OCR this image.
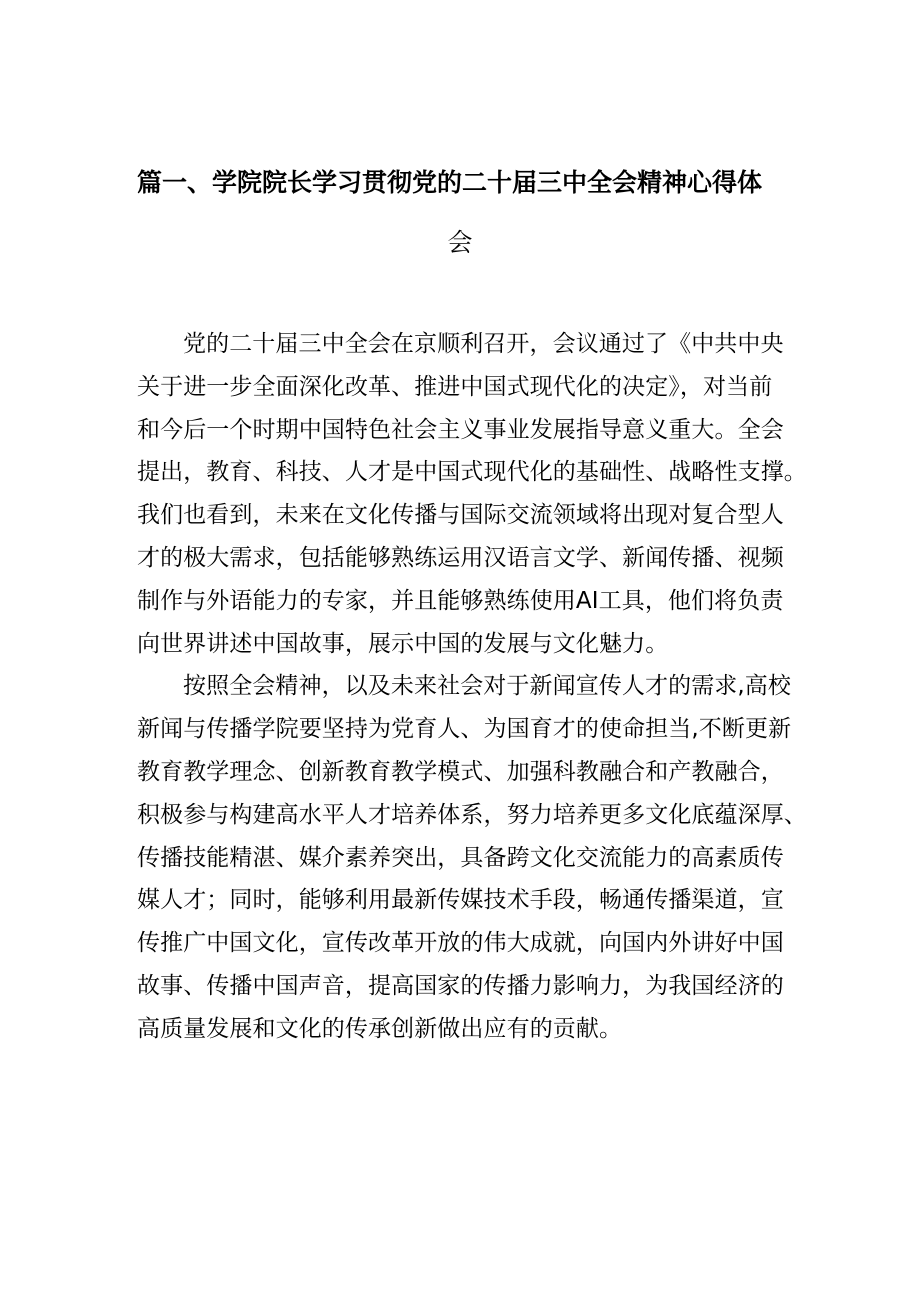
篇一、学院院长学习贯彻党的二十届三中全会精神心得体
会

党的二十届三中全会在京顺利召开，会议通过了《中共中央
关于进一步全面深化改革、推进中国式现代化的决定》，对当前
和今后一个时期中国特色社会主义事业发展指导意义重大。全会
提出，教育、科技、人才是中国式现代化的基础性、战略性支撑。
我们也看到，未来在文化传播与国际交流领域将出现对复合型人
才的极大需求，包括能够熟练运用汉语言文学、新闻传播、视频
制作与外语能力的专家，并且能够熟练使用AI工具，他们将负责
向世界讲述中国故事，展示中国的发展与文化魅力。

按照全会精神，以及未来社会对于新闻宣传人才的需求,高校
新闻与传播学院要坚持为党育人、为国育才的使命担当,不断更新
教育教学理念、创新教育教学模式、加强科教融合和产教融合，
积极参与构建高水平人才培养体系，努力培养更多文化底蕴深厚、
传播技能精湛、媒介素养突出，具备跨文化交流能力的高素质传
媒人才；同时，能够利用最新传媒技术手段，畅通传播渠道，宣
传推广中国文化，宣传改革开放的伟大成就，向国内外讲好中国
故事、传播中国声音，提高国家的传播力影响力，为我国经济的
高质量发展和文化的传承创新做出应有的贡献。
